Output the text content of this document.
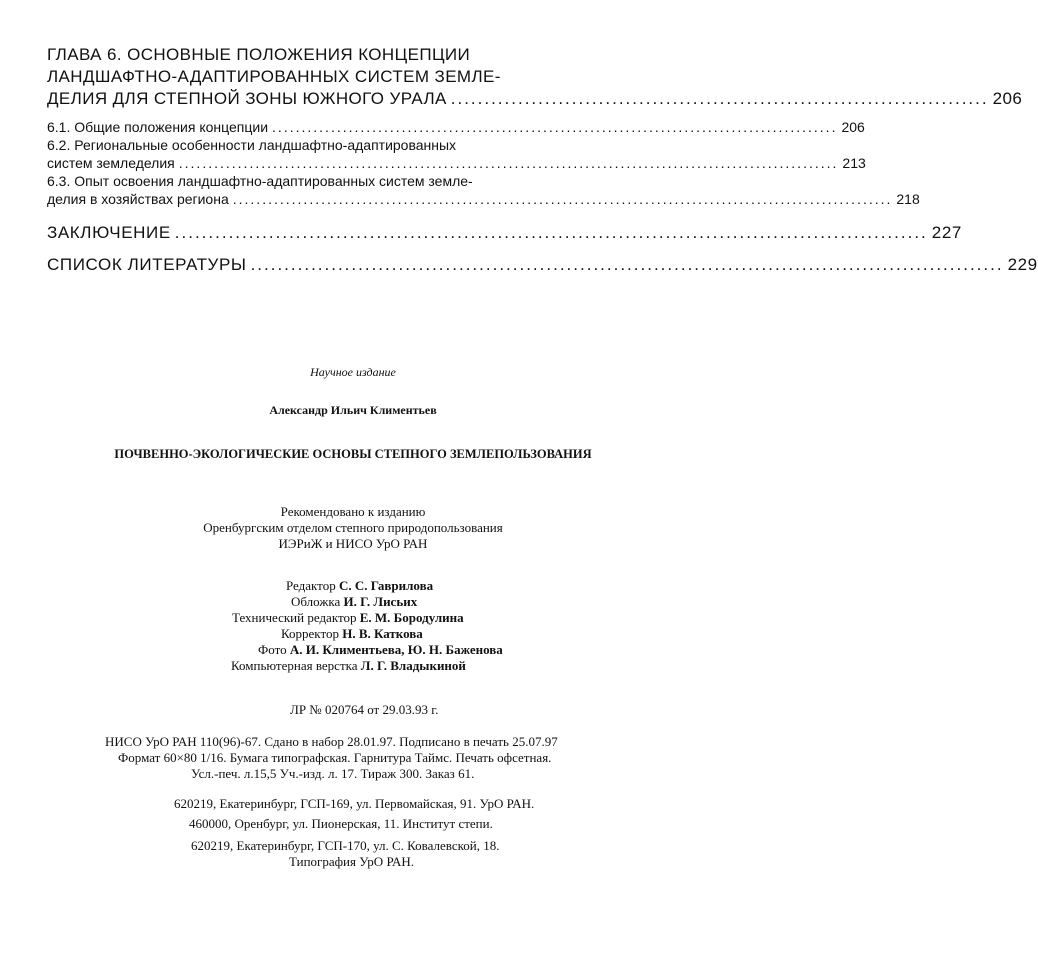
ГЛАВА 6. ОСНОВНЫЕ ПОЛОЖЕНИЯ КОНЦЕПЦИИ
ЛАНДШАФТНО-АДАПТИРОВАННЫХ СИСТЕМ ЗЕМЛЕ-
ДЕЛИЯ ДЛЯ СТЕПНОЙ ЗОНЫ ЮЖНОГО УРАЛА ................................................................................ 206
6.1. Общие положения концепции ................................................................................................ 206
6.2. Региональные особенности ландшафтно-адаптированных
систем земледелия ................................................................................................................ 213
6.3. Опыт освоения ландшафтно-адаптированных систем земле-
делия в хозяйствах региона ................................................................................................................ 218
ЗАКЛЮЧЕНИЕ ................................................................................................................ 227
СПИСОК ЛИТЕРАТУРЫ ................................................................................................................ 229
Научное издание
Александр Ильич Климентьев
ПОЧВЕННО-ЭКОЛОГИЧЕСКИЕ ОСНОВЫ СТЕПНОГО ЗЕМЛЕПОЛЬЗОВАНИЯ
Рекомендовано к изданию
Оренбургским отделом степного природопользования
ИЭРиЖ и НИСО УрО РАН
Редактор С. С. Гаврилова
Обложка И. Г. Лисьих
Технический редактор Е. М. Бородулина
Корректор Н. В. Каткова
Фото А. И. Климентьева, Ю. Н. Баженова
Компьютерная верстка Л. Г. Владыкиной
ЛР № 020764 от 29.03.93 г.
НИСО УрО РАН 110(96)-67. Сдано в набор 28.01.97. Подписано в печать 25.07.97
Формат 60×80 1/16. Бумага типографская. Гарнитура Таймс. Печать офсетная.
Усл.-печ. л.15,5 Уч.-изд. л. 17. Тираж 300. Заказ 61.
620219, Екатеринбург, ГСП-169, ул. Первомайская, 91. УрО РАН.
460000, Оренбург, ул. Пионерская, 11. Институт степи.
620219, Екатеринбург, ГСП-170, ул. С. Ковалевской, 18.
Типография УрО РАН.
